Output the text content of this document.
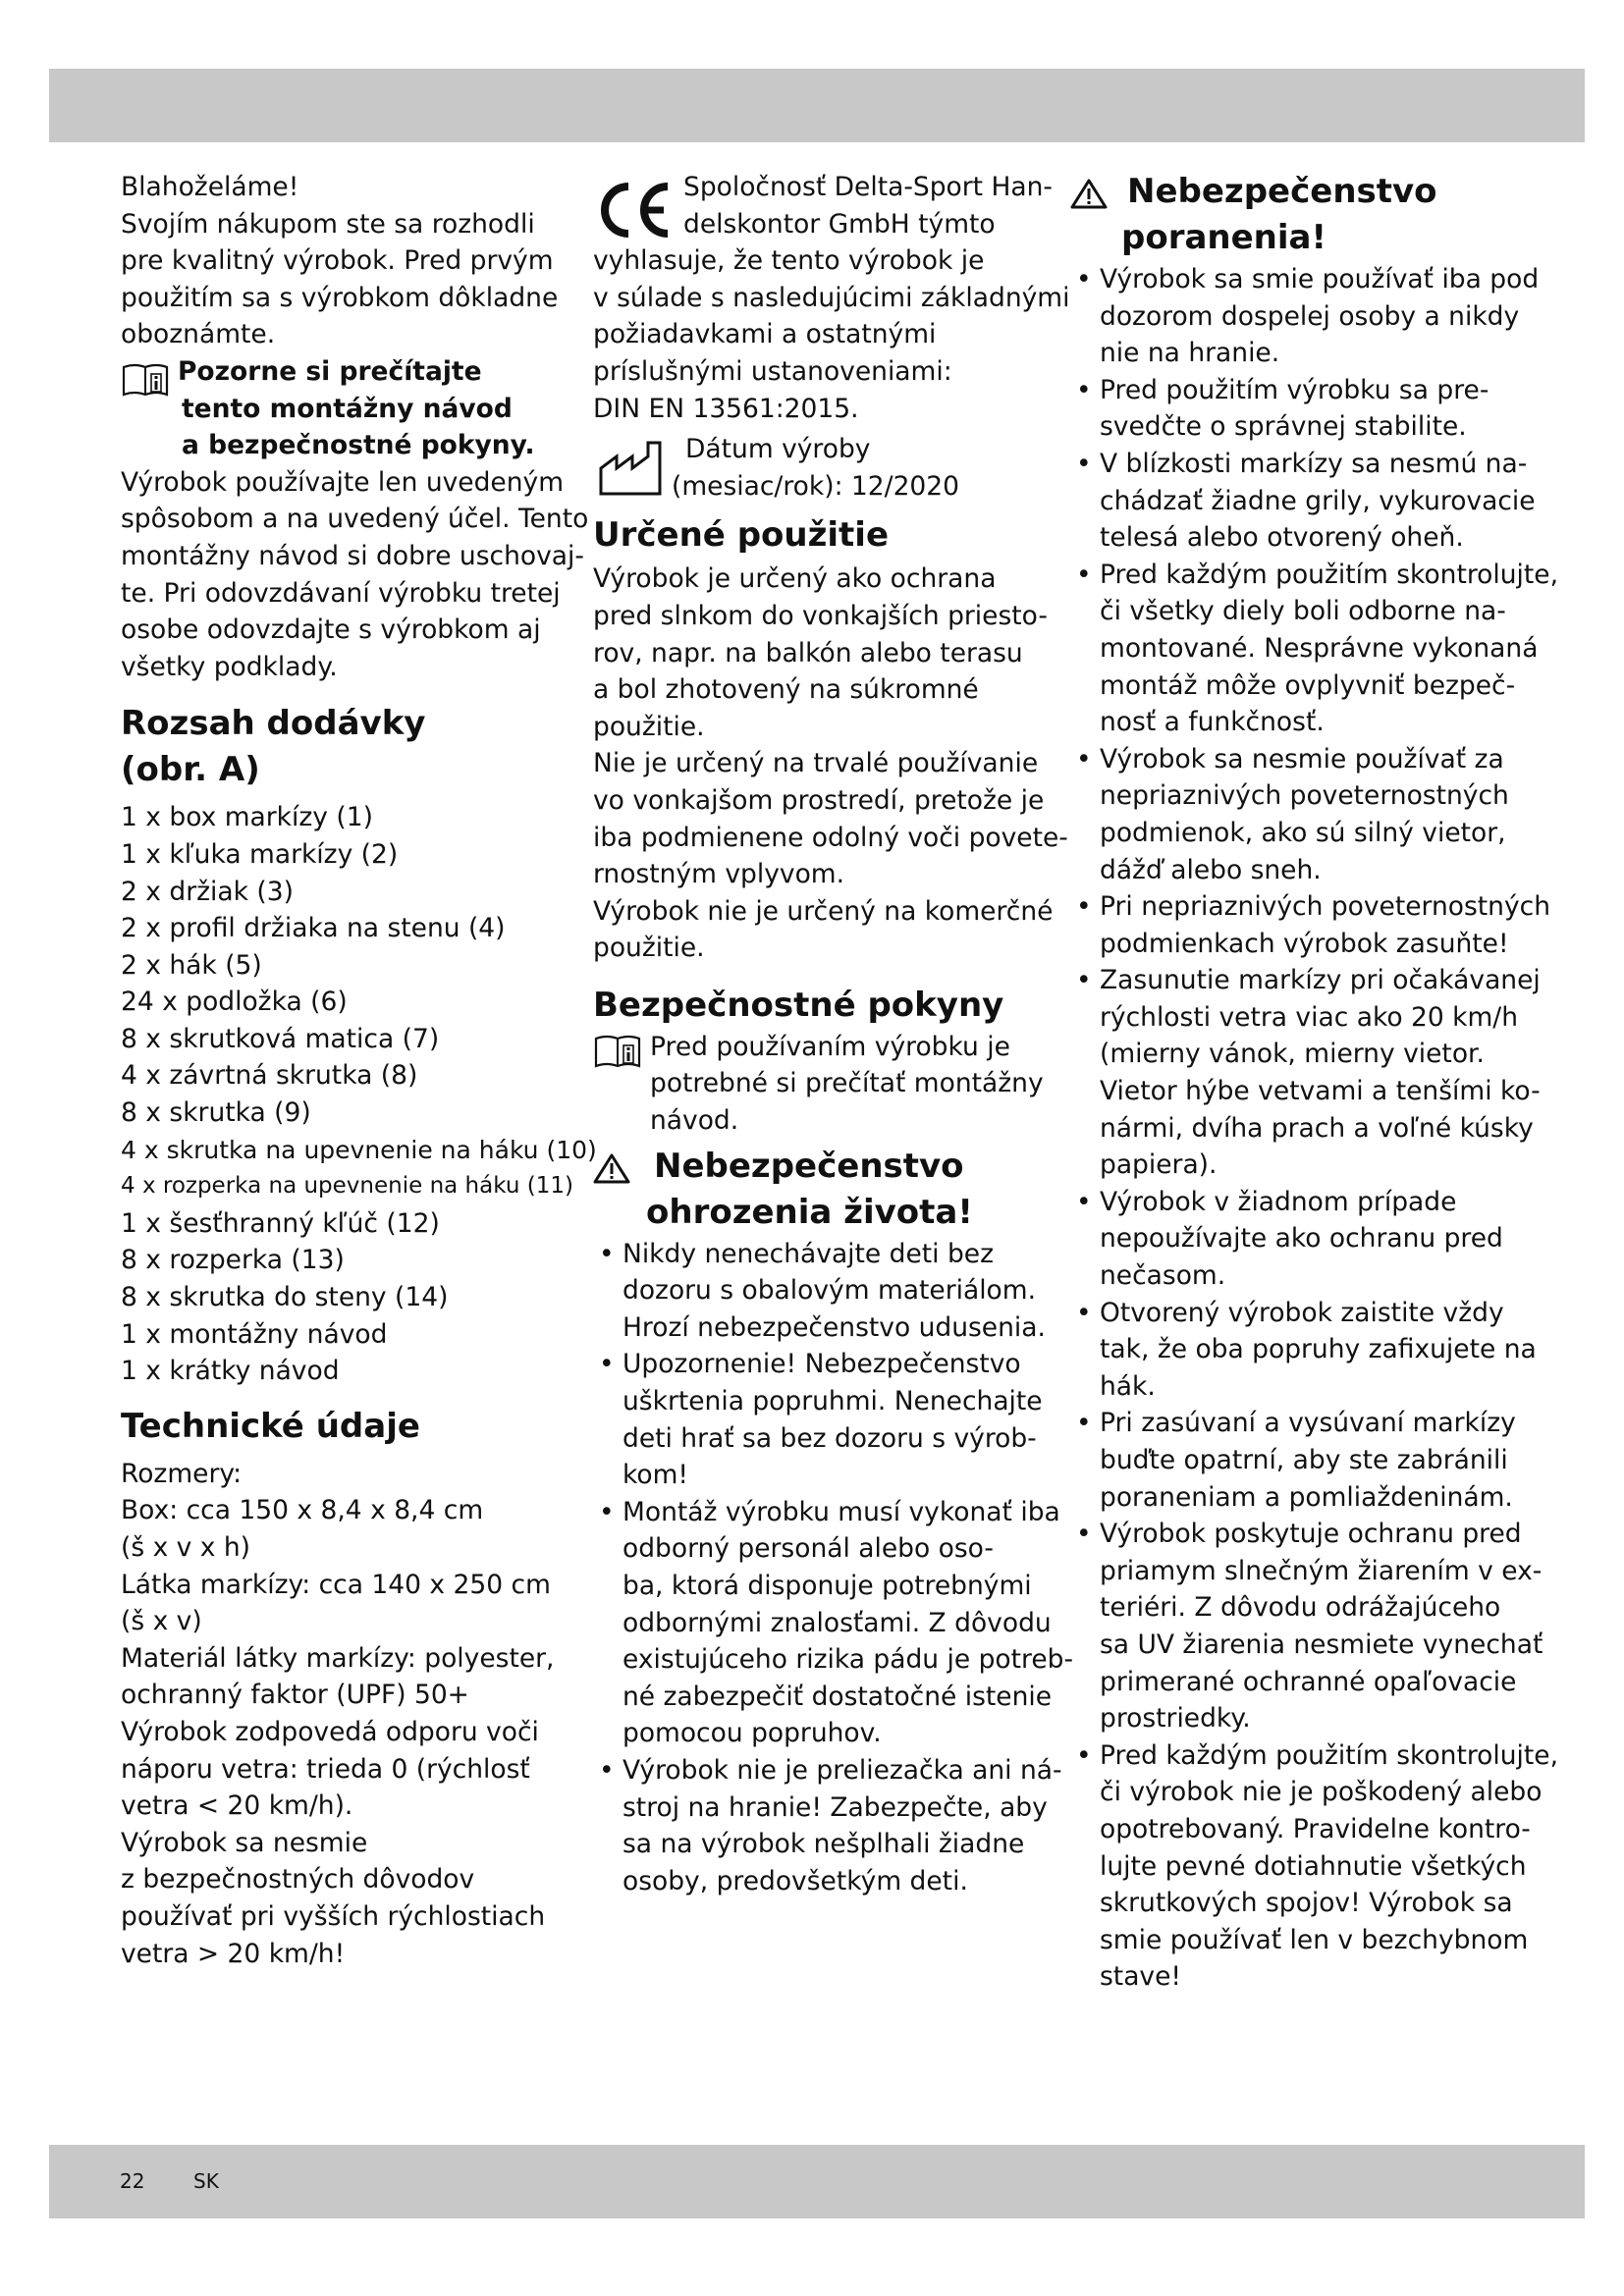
Blahoželáme!
Svojím nákupom ste sa rozhodli
pre kvalitný výrobok. Pred prvým
použitím sa s výrobkom dôkladne
oboznámte.
Pozorne si prečítajte
tento montážny návod
a bezpečnostné pokyny.
Výrobok používajte len uvedeným
spôsobom a na uvedený účel. Tento
montážny návod si dobre uschovaj-
te. Pri odovzdávaní výrobku tretej
osobe odovzdajte s výrobkom aj
všetky podklady.
Rozsah dodávky
(obr. A)
1 x box markízy (1)
1 x kľuka markízy (2)
2 x držiak (3)
2 x profil držiaka na stenu (4)
2 x hák (5)
24 x podložka (6)
8 x skrutková matica (7)
4 x závrtná skrutka (8)
8 x skrutka (9)
4 x skrutka na upevnenie na háku (10)
4 x rozperka na upevnenie na háku (11)
1 x šesťhranný kľúč (12)
8 x rozperka (13)
8 x skrutka do steny (14)
1 x montážny návod
1 x krátky návod
Technické údaje
Rozmery:
Box: cca 150 x 8,4 x 8,4 cm
(š x v x h)
Látka markízy: cca 140 x 250 cm
(š x v)
Materiál látky markízy: polyester,
ochranný faktor (UPF) 50+
Výrobok zodpovedá odporu voči
náporu vetra: trieda 0 (rýchlosť
vetra < 20 km/h).
Výrobok sa nesmie
z bezpečnostných dôvodov
používať pri vyšších rýchlostiach
vetra > 20 km/h!
CE	Spoločnosť Delta-Sport Han-
delskontor GmbH týmto
vyhlasuje, že tento výrobok je
v súlade s nasledujúcimi základnými
požiadavkami a ostatnými
príslušnými ustanoveniami:
DIN EN 13561:2015.
Dátum výroby
(mesiac/rok): 12/2020
Určené použitie
Výrobok je určený ako ochrana
pred slnkom do vonkajších priesto-
rov, napr. na balkón alebo terasu
a bol zhotovený na súkromné
použitie.
Nie je určený na trvalé používanie
vo vonkajšom prostredí, pretože je
iba podmienene odolný voči povete-
rnostným vplyvom.
Výrobok nie je určený na komerčné
použitie.
Bezpečnostné pokyny
Pred používaním výrobku je
potrebné si prečítať montážny
návod.
Nebezpečenstvo
ohrozenia života!
• Nikdy nenechávajte deti bez
dozoru s obalovým materiálom.
Hrozí nebezpečenstvo udusenia.
• Upozornenie! Nebezpečenstvo
uškrtenia popruhmi. Nenechajte
deti hrať sa bez dozoru s výrob-
kom!
• Montáž výrobku musí vykonať iba
odborný personál alebo oso-
ba, ktorá disponuje potrebnými
odbornými znalosťami. Z dôvodu
existujúceho rizika pádu je potreb-
né zabezpečiť dostatočné istenie
pomocou popruhov.
• Výrobok nie je preliezačka ani ná-
stroj na hranie! Zabezpečte, aby
sa na výrobok nešplhali žiadne
osoby, predovšetkým deti.
Nebezpečenstvo
poranenia!
• Výrobok sa smie používať iba pod
dozorom dospelej osoby a nikdy
nie na hranie.
• Pred použitím výrobku sa pre-
svedčte o správnej stabilite.
• V blízkosti markízy sa nesmú na-
chádzať žiadne grily, vykurovacie
telesá alebo otvorený oheň.
• Pred každým použitím skontrolujte,
či všetky diely boli odborne na-
montované. Nesprávne vykonaná
montáž môže ovplyvniť bezpeč-
nosť a funkčnosť.
• Výrobok sa nesmie používať za
nepriaznivých poveternostných
podmienok, ako sú silný vietor,
dážď alebo sneh.
• Pri nepriaznivých poveternostných
podmienkach výrobok zasuňte!
• Zasunutie markízy pri očakávanej
rýchlosti vetra viac ako 20 km/h
(mierny vánok, mierny vietor.
Vietor hýbe vetvami a tenšími ko-
nármi, dvíha prach a voľné kúsky
papiera).
• Výrobok v žiadnom prípade
nepoužívajte ako ochranu pred
nečasom.
• Otvorený výrobok zaistite vždy
tak, že oba popruhy zafixujete na
hák.
• Pri zasúvaní a vysúvaní markízy
buďte opatrní, aby ste zabránili
poraneniam a pomliaždeninám.
• Výrobok poskytuje ochranu pred
priamym slnečným žiarením v ex-
teriéri. Z dôvodu odrážajúceho
sa UV žiarenia nesmiete vynechať
primerané ochranné opaľovacie
prostriedky.
• Pred každým použitím skontrolujte,
či výrobok nie je poškodený alebo
opotrebovaný. Pravidelne kontro-
lujte pevné dotiahnutie všetkých
skrutkových spojov! Výrobok sa
smie používať len v bezchybnom
stave!
22 SK
